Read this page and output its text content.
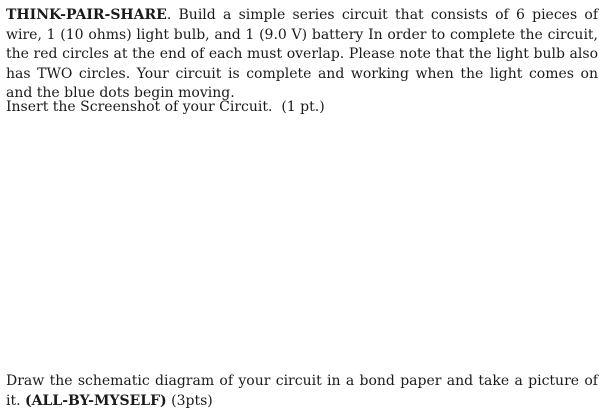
THINK-PAIR-SHARE. Build a simple series circuit that consists of 6 pieces of wire, 1 (10 ohms) light bulb, and 1 (9.0 V) battery In order to complete the circuit, the red circles at the end of each must overlap. Please note that the light bulb also has TWO circles. Your circuit is complete and working when the light comes on and the blue dots begin moving.

Insert the Screenshot of your Circuit. (1 pt.)

Draw the schematic diagram of your circuit in a bond paper and take a picture of it. (ALL-BY-MYSELF) (3pts)
